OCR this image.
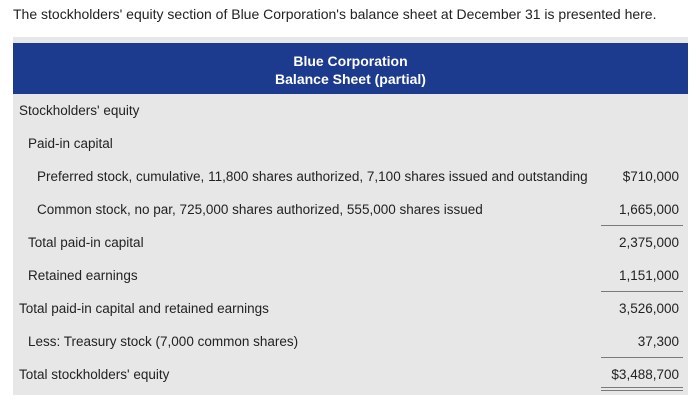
The stockholders' equity section of Blue Corporation's balance sheet at December 31 is presented here.
Blue Corporation
Balance Sheet (partial)
Stockholders' equity
Paid-in capital
Preferred stock, cumulative, 11,800 shares authorized, 7,100 shares issued and outstanding
Common stock, no par, 725,000 shares authorized, 555,000 shares issued
Total paid-in capital
Retained earnings
Total paid-in capital and retained earnings
Less: Treasury stock (7,000 common shares)
Total stockholders' equity
$710,000
1,665,000
2,375,000
1,151,000
3,526,000
37,300
$3,488,700
